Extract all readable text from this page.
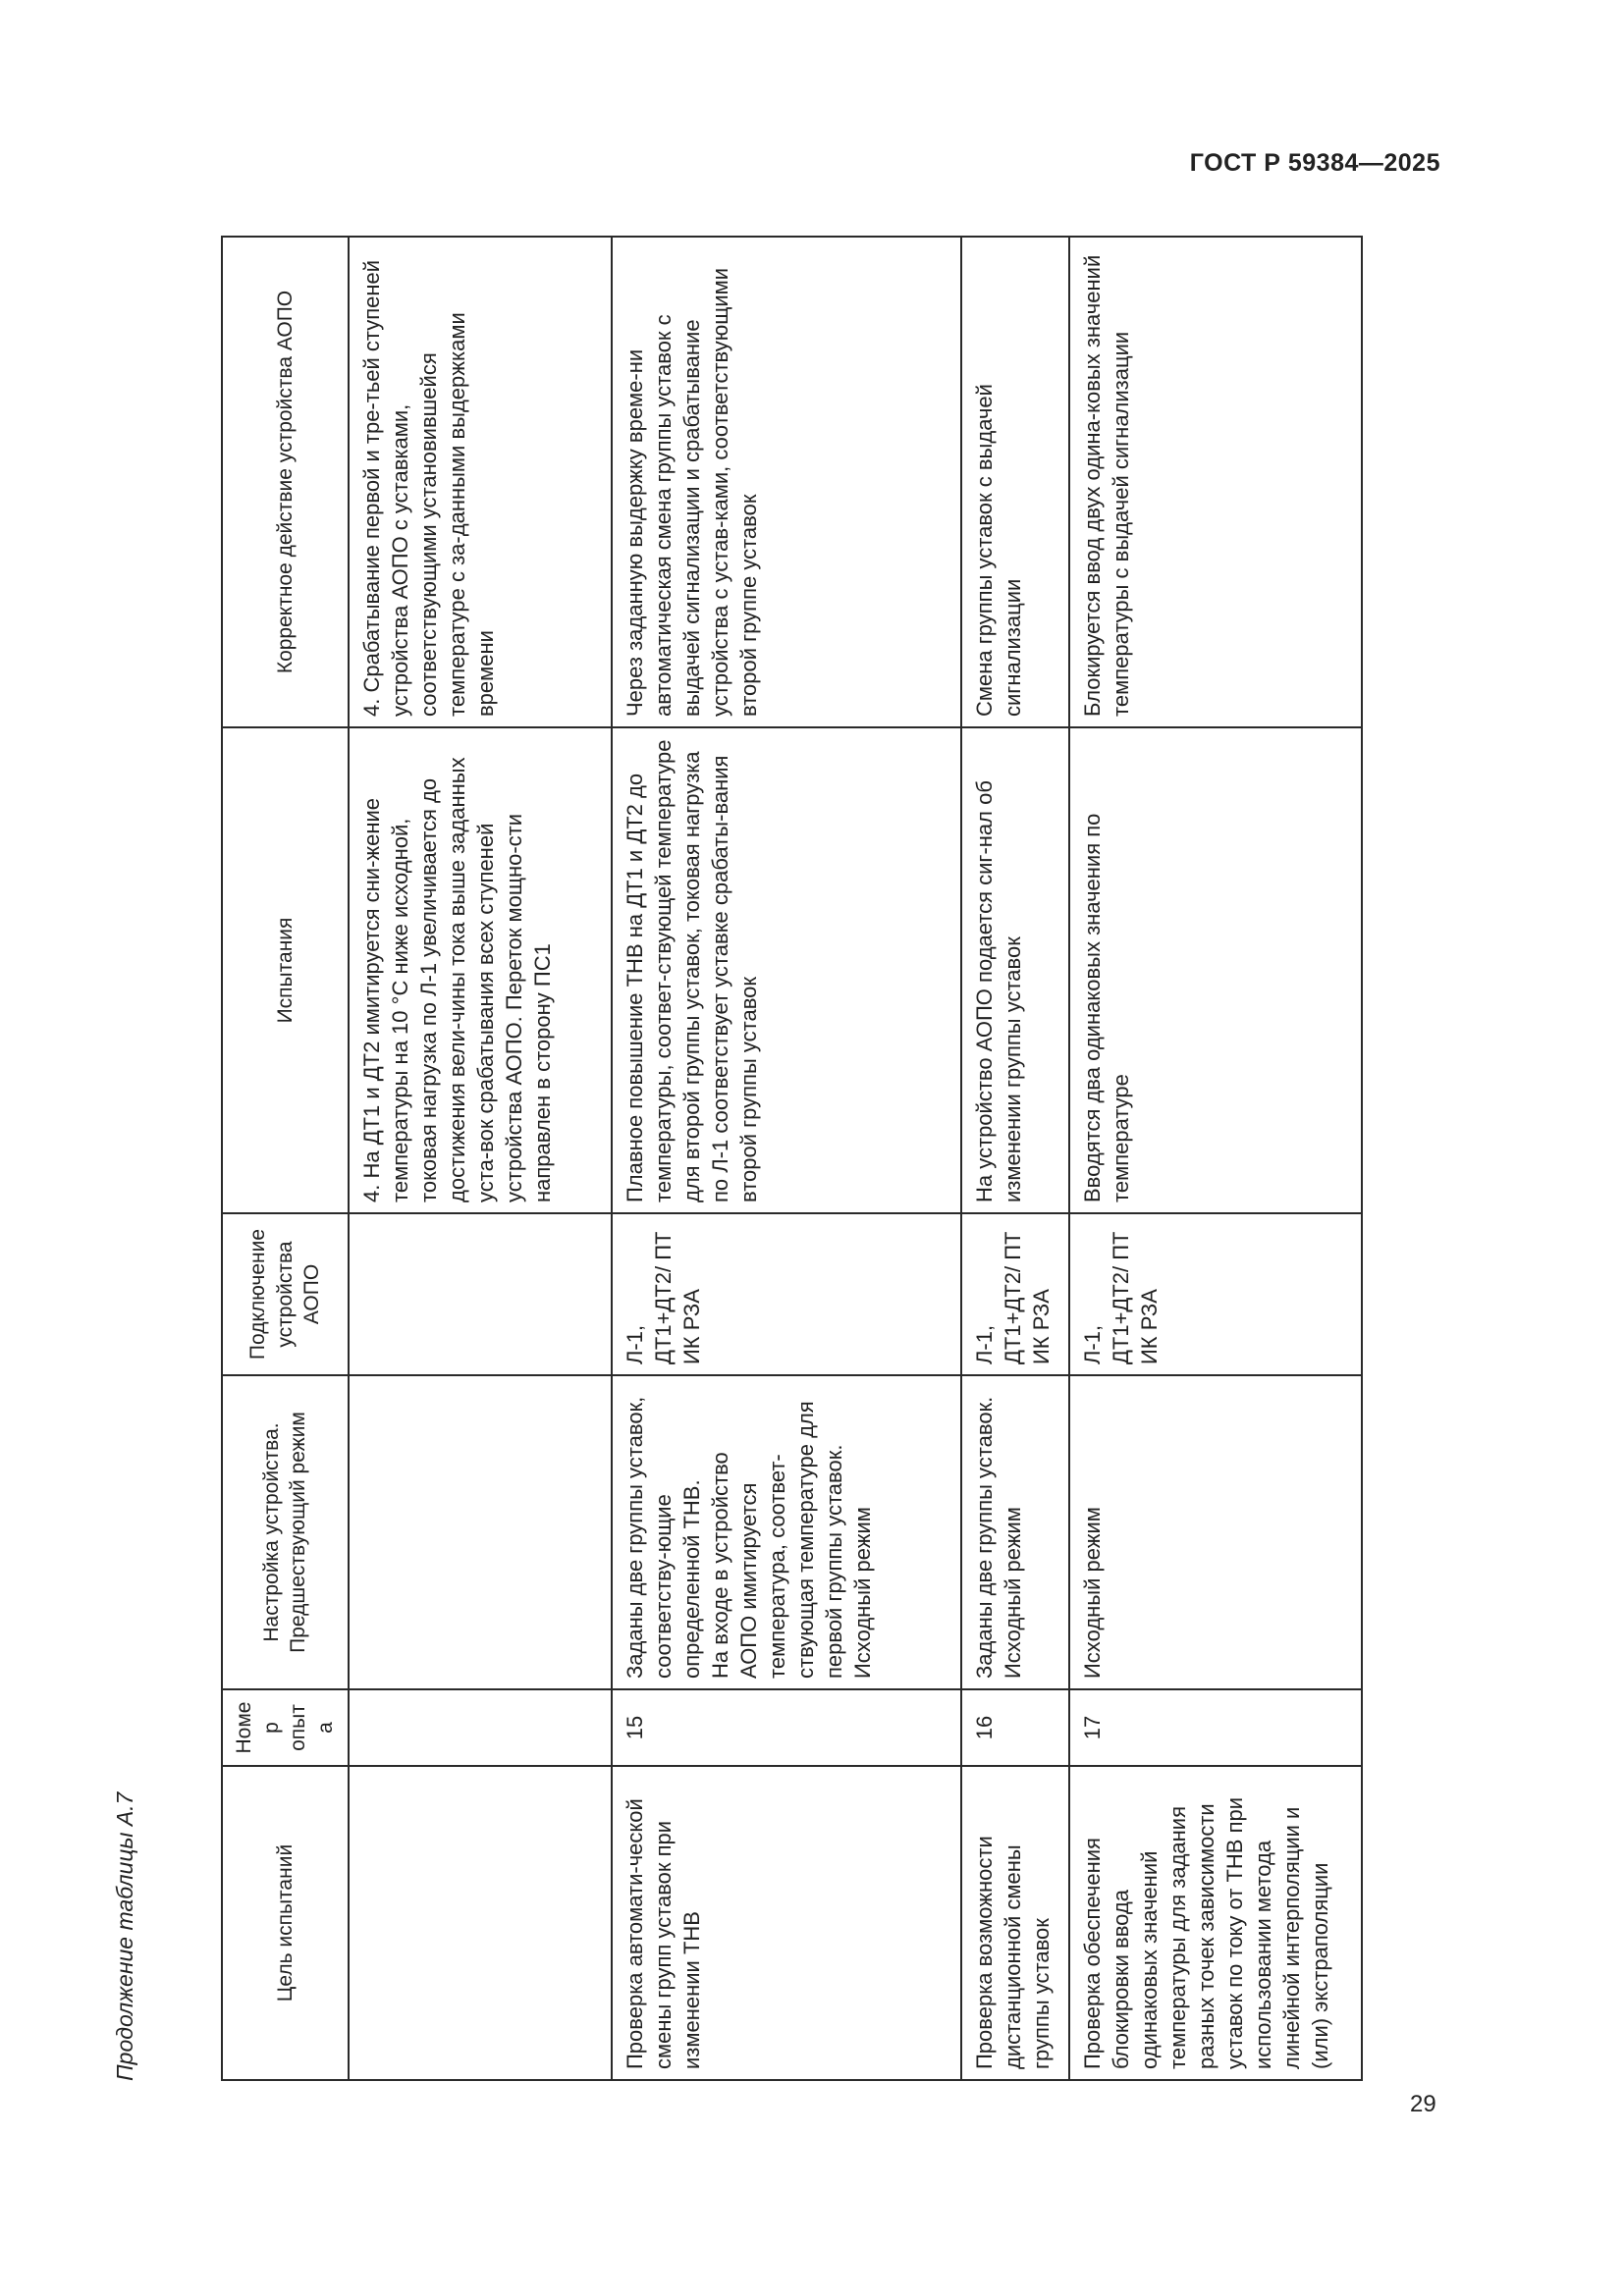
ГОСТ Р 59384—2025
Продолжение таблицы А.7	Цель испытаний	Номер опыта	Настройка устройства. Предшествующий режим	Подключение устройства АОПО	Испытания	Корректное действие устройства АОПО
				4. На ДТ1 и ДТ2 имитируется сни-жение температуры на 10 °С ниже исходной, токовая нагрузка по Л-1 увеличивается до достижения вели-чины тока выше заданных уста-вок срабатывания всех ступеней устройства АОПО. Переток мощно-сти направлен в сторону ПС1	4. Срабатывание первой и тре-тьей ступеней устройства АОПО с уставками, соответствующими установившейся температуре с за-данными выдержками времени
Проверка автомати-ческой смены групп уставок при изменении ТНВ	15	Заданы две группы уставок, соответству-ющие определенной ТНВ.
На входе в устройство АОПО имитируется температура, соответ-ствующая температуре для первой группы уставок.
Исходный режим	Л-1, ДТ1+ДТ2/ ПТ ИК РЗА	Плавное повышение ТНВ на ДТ1 и ДТ2 до температуры, соответ-ствующей температуре для второй группы уставок, токовая нагрузка по Л-1 соответствует уставке срабаты-вания второй группы уставок	Через заданную выдержку време-ни автоматическая смена группы уставок с выдачей сигнализации и срабатывание устройства с устав-ками, соответствующими второй группе уставок
Проверка возможности дистанционной смены группы уставок	16	Заданы две группы уставок. Исходный режим	Л-1, ДТ1+ДТ2/ ПТ ИК РЗА	На устройство АОПО подается сиг-нал об изменении группы уставок	Смена группы уставок с выдачей сигнализации
Проверка обеспечения блокировки ввода одинаковых значений температуры для задания разных точек зависимости уставок по току от ТНВ при использовании метода линейной интерполяции и (или) экстраполяции	17	Исходный режим	Л-1, ДТ1+ДТ2/ ПТ ИК РЗА	Вводятся два одинаковых значения по температуре	Блокируется ввод двух одина-ковых значений температуры с выдачей сигнализации
29
